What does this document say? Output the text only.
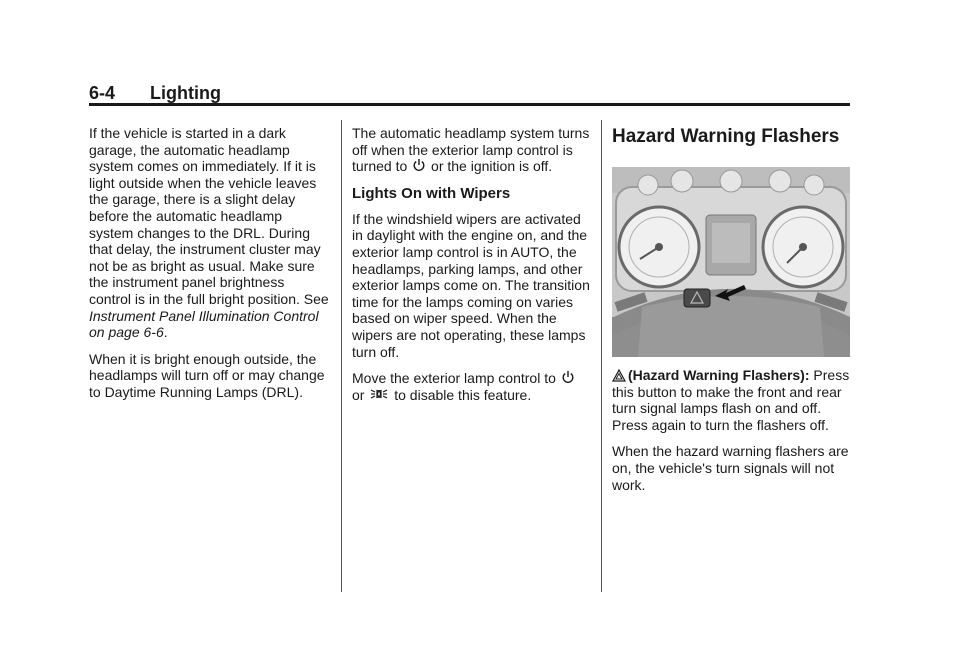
6-4 Lighting

If the vehicle is started in a dark garage, the automatic headlamp system comes on immediately. If it is light outside when the vehicle leaves the garage, there is a slight delay before the automatic headlamp system changes to the DRL. During that delay, the instrument cluster may not be as bright as usual. Make sure the instrument panel brightness control is in the full bright position. See Instrument Panel Illumination Control on page 6-6.

When it is bright enough outside, the headlamps will turn off or may change to Daytime Running Lamps (DRL).

The automatic headlamp system turns off when the exterior lamp control is turned to  or the ignition is off.

Lights On with Wipers

If the windshield wipers are activated in daylight with the engine on, and the exterior lamp control is in AUTO, the headlamps, parking lamps, and other exterior lamps come on. The transition time for the lamps coming on varies based on wiper speed. When the wipers are not operating, these lamps turn off.

Move the exterior lamp control to  or  to disable this feature.

Hazard Warning Flashers

(Hazard Warning Flashers): Press this button to make the front and rear turn signal lamps flash on and off. Press again to turn the flashers off.

When the hazard warning flashers are on, the vehicle's turn signals will not work.
